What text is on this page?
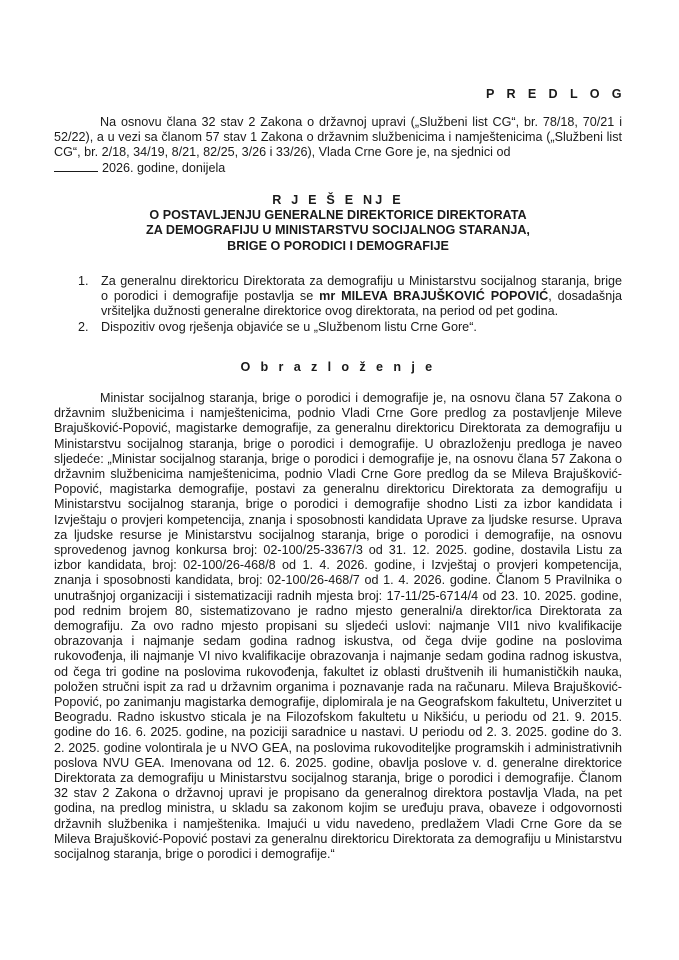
P R E D L O G

Na osnovu člana 32 stav 2 Zakona o državnoj upravi („Službeni list CG“, br. 78/18, 70/21 i 52/22), a u vezi sa članom 57 stav 1 Zakona o državnim službenicima i namještenicima („Službeni list CG“, br. 2/18, 34/19, 8/21, 82/25, 3/26 i 33/26), Vlada Crne Gore je, na sjednici od
2026. godine, donijela

R J E Š E NJ E
O POSTAVLJENJU GENERALNE DIREKTORICE DIREKTORATA
ZA DEMOGRAFIJU U MINISTARSTVU SOCIJALNOG STARANJA,
BRIGE O PORODICI I DEMOGRAFIJE
1. Za generalnu direktoricu Direktorata za demografiju u Ministarstvu socijalnog staranja, brige o porodici i demografije postavlja se mr MILEVA BRAJUŠKOVIĆ POPOVIĆ, dosadašnja vršiteljka dužnosti generalne direktorice ovog direktorata, na period od pet godina.
2. Dispozitiv ovog rješenja objaviće se u „Službenom listu Crne Gore“.
O b r a z l o ž e n j e

Ministar socijalnog staranja, brige o porodici i demografije je, na osnovu člana 57 Zakona o državnim službenicima i namještenicima, podnio Vladi Crne Gore predlog za postavljenje Mileve Brajušković-Popović, magistarke demografije, za generalnu direktoricu Direktorata za demografiju u Ministarstvu socijalnog staranja, brige o porodici i demografije. U obrazloženju predloga je naveo sljedeće: „Ministar socijalnog staranja, brige o porodici i demografije je, na osnovu člana 57 Zakona o državnim službenicima namještenicima, podnio Vladi Crne Gore predlog da se Mileva Brajušković-Popović, magistarka demografije, postavi za generalnu direktoricu Direktorata za demografiju u Ministarstvu socijalnog staranja, brige o porodici i demografije shodno Listi za izbor kandidata i Izvještaju o provjeri kompetencija, znanja i sposobnosti kandidata Uprave za ljudske resurse. Uprava za ljudske resurse je Ministarstvu socijalnog staranja, brige o porodici i demografije, na osnovu sprovedenog javnog konkursa broj: 02-100/25-3367/3 od 31. 12. 2025. godine, dostavila Listu za izbor kandidata, broj: 02-100/26-468/8 od 1. 4. 2026. godine, i Izvještaj o provjeri kompetencija, znanja i sposobnosti kandidata, broj: 02-100/26-468/7 od 1. 4. 2026. godine. Članom 5 Pravilnika o unutrašnjoj organizaciji i sistematizaciji radnih mjesta broj: 17-11/25-6714/4 od 23. 10. 2025. godine, pod rednim brojem 80, sistematizovano je radno mjesto generalni/a direktor/ica Direktorata za demografiju. Za ovo radno mjesto propisani su sljedeći uslovi: najmanje VII1 nivo kvalifikacije obrazovanja i najmanje sedam godina radnog iskustva, od čega dvije godine na poslovima rukovođenja, ili najmanje VI nivo kvalifikacije obrazovanja i najmanje sedam godina radnog iskustva, od čega tri godine na poslovima rukovođenja, fakultet iz oblasti društvenih ili humanističkih nauka, položen stručni ispit za rad u državnim organima i poznavanje rada na računaru. Mileva Brajušković-Popović, po zanimanju magistarka demografije, diplomirala je na Geografskom fakultetu, Univerzitet u Beogradu. Radno iskustvo sticala je na Filozofskom fakultetu u Nikšiću, u periodu od 21. 9. 2015. godine do 16. 6. 2025. godine, na poziciji saradnice u nastavi. U periodu od 2. 3. 2025. godine do 3. 2. 2025. godine volontirala je u NVO GEA, na poslovima rukovoditeljke programskih i administrativnih poslova NVU GEA. Imenovana od 12. 6. 2025. godine, obavlja poslove v. d. generalne direktorice Direktorata za demografiju u Ministarstvu socijalnog staranja, brige o porodici i demografije. Članom 32 stav 2 Zakona o državnoj upravi je propisano da generalnog direktora postavlja Vlada, na pet godina, na predlog ministra, u skladu sa zakonom kojim se uređuju prava, obaveze i odgovornosti državnih službenika i namještenika. Imajući u vidu navedeno, predlažem Vladi Crne Gore da se Mileva Brajušković-Popović postavi za generalnu direktoricu Direktorata za demografiju u Ministarstvu socijalnog staranja, brige o porodici i demografije.“
